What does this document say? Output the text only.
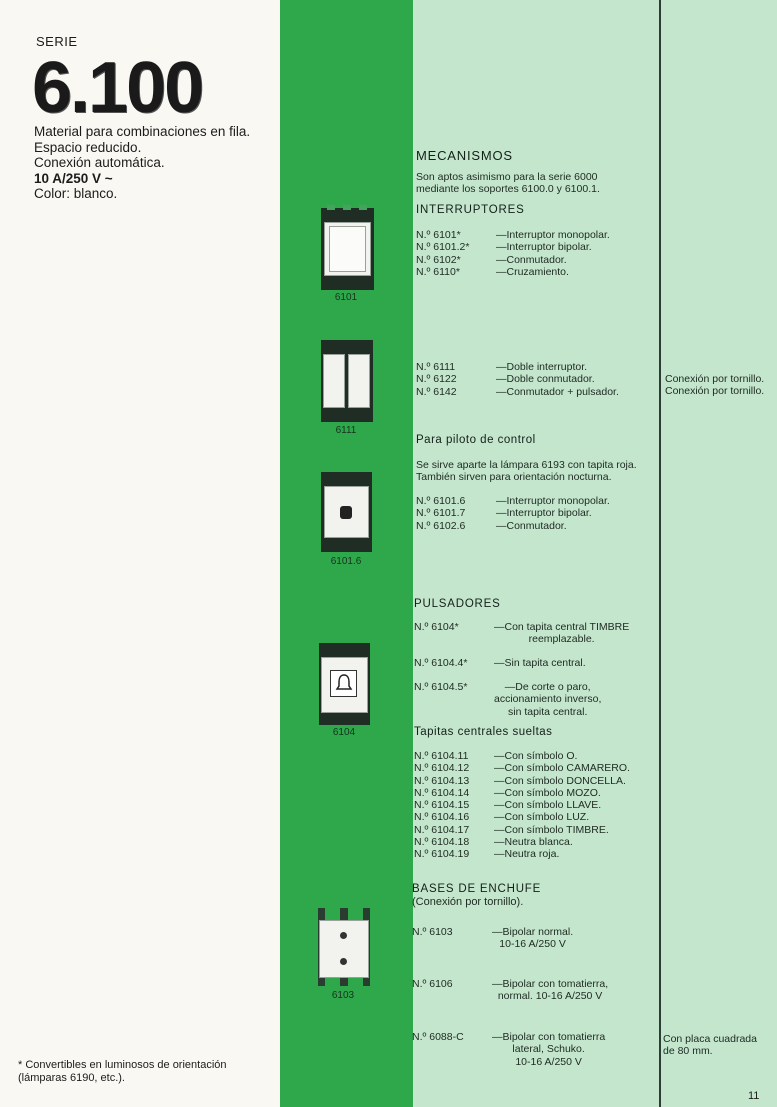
SERIE
6.100
Material para combinaciones en fila.
Espacio reducido.
Conexión automática.
10 A/250 V ~
Color: blanco.
* Convertibles en luminosos de orientación
(lámparas 6190, etc.).
6101
6111
6101.6
6104
6103
MECANISMOS
Son aptos asimismo para la serie 6000
mediante los soportes 6100.0 y 6100.1.
INTERRUPTORES
N.º 6101*	—Interruptor monopolar.
N.º 6101.2*	—Interruptor bipolar.
N.º 6102*	—Conmutador.
N.º 6110*	—Cruzamiento.
N.º 6111	—Doble interruptor.
N.º 6122	—Doble conmutador.
N.º 6142	—Conmutador + pulsador.
Conexión por tornillo.
Conexión por tornillo.
Para piloto de control
Se sirve aparte la lámpara 6193 con tapita roja.
También sirven para orientación nocturna.
N.º 6101.6	—Interruptor monopolar.
N.º 6101.7	—Interruptor bipolar.
N.º 6102.6	—Conmutador.
PULSADORES
N.º 6104*	—Con tapita central TIMBRE
reemplazable.
N.º 6104.4*	—Sin tapita central.
N.º 6104.5*	—De corte o paro,
accionamiento inverso,
sin tapita central.
Tapitas centrales sueltas
N.º 6104.11 —Con símbolo O.
N.º 6104.12 —Con símbolo CAMARERO.
N.º 6104.13 —Con símbolo DONCELLA.
N.º 6104.14 —Con símbolo MOZO.
N.º 6104.15 —Con símbolo LLAVE.
N.º 6104.16 —Con símbolo LUZ.
N.º 6104.17 —Con símbolo TIMBRE.
N.º 6104.18 —Neutra blanca.
N.º 6104.19 —Neutra roja.
BASES DE ENCHUFE
(Conexión por tornillo).
N.º 6103	—Bipolar normal.
10-16 A/250 V
N.º 6106	—Bipolar con tomatierra,
normal. 10-16 A/250 V
N.º 6088-C	—Bipolar con tomatierra
lateral, Schuko.
10-16 A/250 V
Con placa cuadrada
de 80 mm.
11
